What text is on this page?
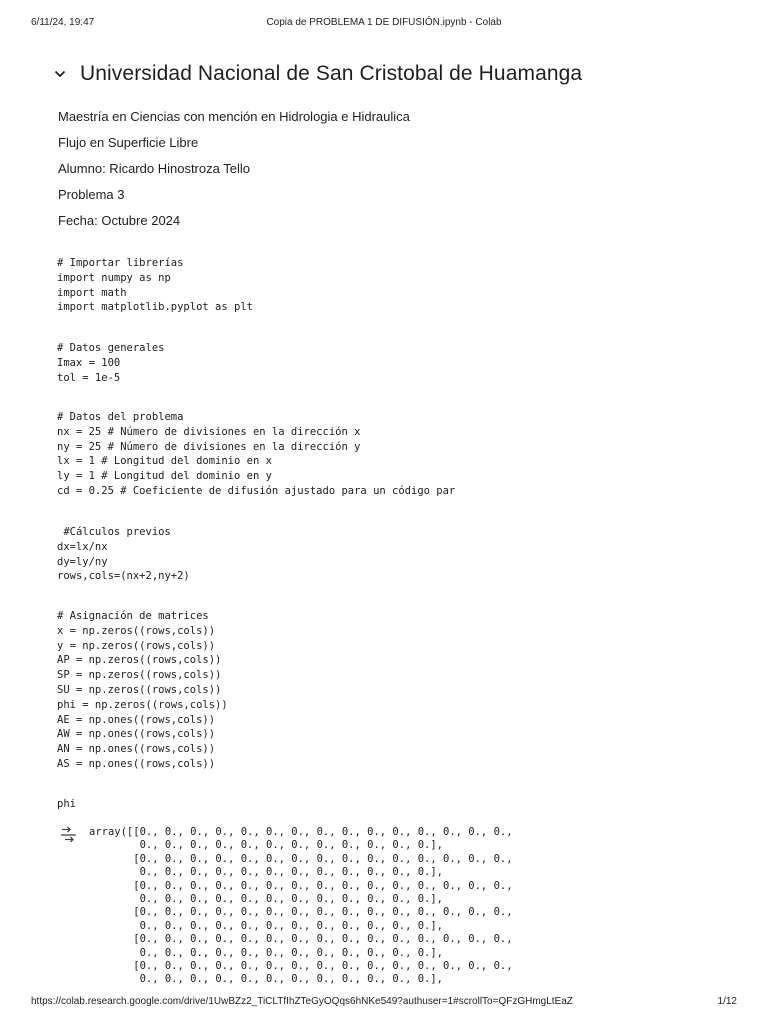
6/11/24, 19:47	Copia de PROBLEMA 1 DE DIFUSIÓN.ipynb - Colab
Universidad Nacional de San Cristobal de Huamanga

Maestría en Ciencias con mención en Hidrologia e Hidraulica

Flujo en Superficie Libre

Alumno: Ricardo Hinostroza Tello

Problema 3

Fecha: Octubre 2024

# Importar librerías
import numpy as np
import math
import matplotlib.pyplot as plt
# Datos generales
Imax = 100
tol = 1e-5
# Datos del problema
nx = 25 # Número de divisiones en la dirección x
ny = 25 # Número de divisiones en la dirección y
lx = 1 # Longitud del dominio en x
ly = 1 # Longitud del dominio en y
cd = 0.25 # Coeficiente de difusión ajustado para un código par
#Cálculos previos
dx=lx/nx
dy=ly/ny
rows,cols=(nx+2,ny+2)
# Asignación de matrices
x = np.zeros((rows,cols))
y = np.zeros((rows,cols))
AP = np.zeros((rows,cols))
SP = np.zeros((rows,cols))
SU = np.zeros((rows,cols))
phi = np.zeros((rows,cols))
AE = np.ones((rows,cols))
AW = np.ones((rows,cols))
AN = np.ones((rows,cols))
AS = np.ones((rows,cols))
phi
array([[0., 0., 0., 0., 0., 0., 0., 0., 0., 0., 0., 0., 0., 0., 0.,
0., 0., 0., 0., 0., 0., 0., 0., 0., 0., 0., 0.],
[0., 0., 0., 0., 0., 0., 0., 0., 0., 0., 0., 0., 0., 0., 0.,
0., 0., 0., 0., 0., 0., 0., 0., 0., 0., 0., 0.],
[0., 0., 0., 0., 0., 0., 0., 0., 0., 0., 0., 0., 0., 0., 0.,
0., 0., 0., 0., 0., 0., 0., 0., 0., 0., 0., 0.],
[0., 0., 0., 0., 0., 0., 0., 0., 0., 0., 0., 0., 0., 0., 0.,
0., 0., 0., 0., 0., 0., 0., 0., 0., 0., 0., 0.],
[0., 0., 0., 0., 0., 0., 0., 0., 0., 0., 0., 0., 0., 0., 0.,
0., 0., 0., 0., 0., 0., 0., 0., 0., 0., 0., 0.],
[0., 0., 0., 0., 0., 0., 0., 0., 0., 0., 0., 0., 0., 0., 0.,
0., 0., 0., 0., 0., 0., 0., 0., 0., 0., 0., 0.],
https://colab.research.google.com/drive/1UwBZz2_TiCLTfIhZTeGyOQqs6hNKe549?authuser=1#scrollTo=QFzGHmgLtEaZ	1/12
